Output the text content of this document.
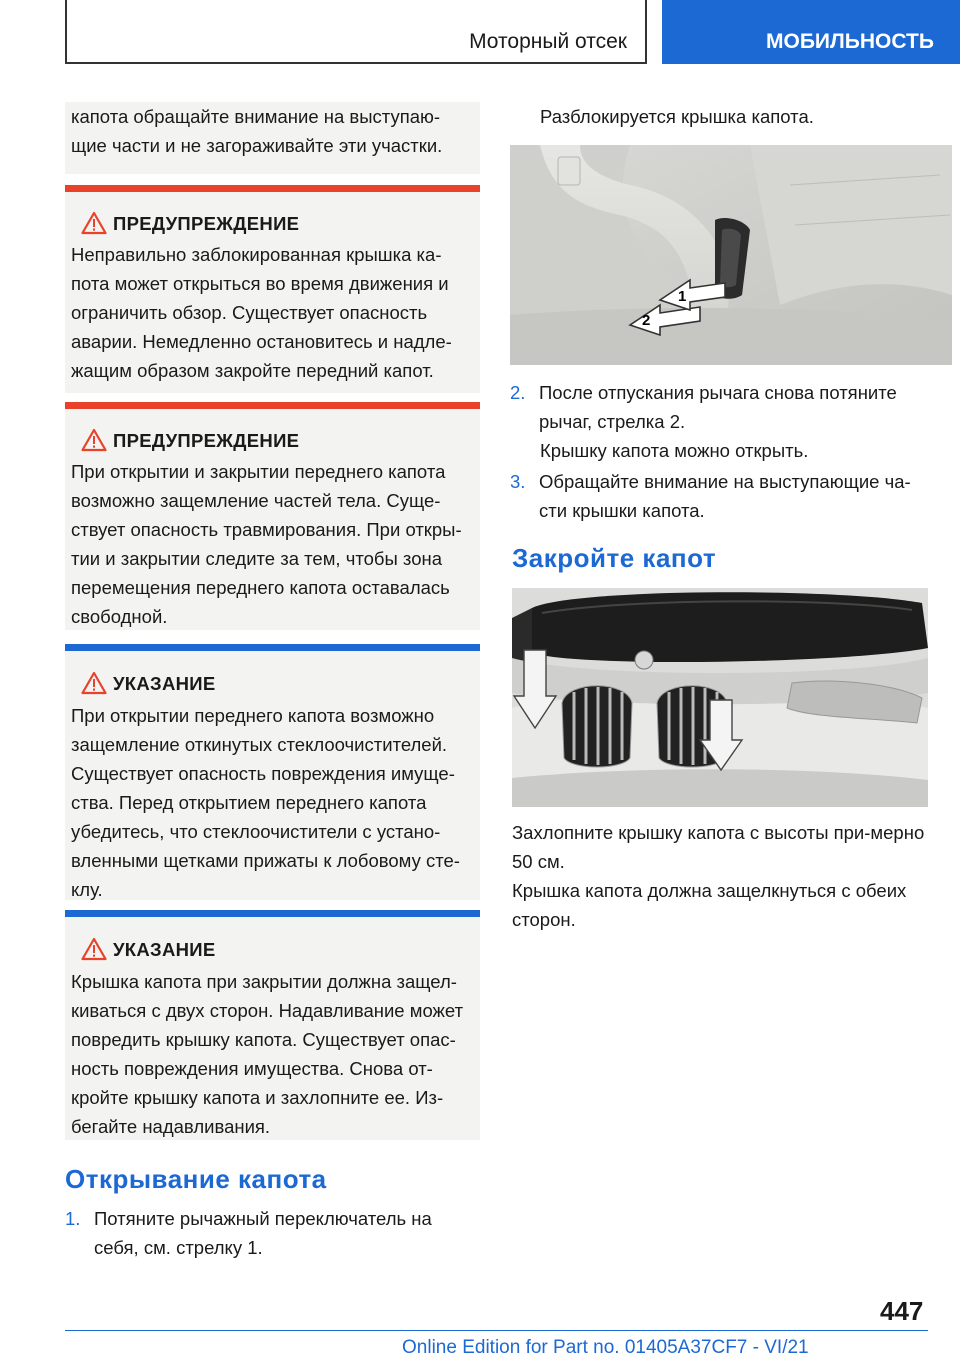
Моторный отсек	МОБИЛЬНОСТЬ
капота обращайте внимание на выступаю-щие части и не загораживайте эти участки.
ПРЕДУПРЕЖДЕНИЕ
Неправильно заблокированная крышка ка-пота может открыться во время движения и ограничить обзор. Существует опасность аварии. Немедленно остановитесь и надле-жащим образом закройте передний капот.
ПРЕДУПРЕЖДЕНИЕ
При открытии и закрытии переднего капота возможно защемление частей тела. Суще-ствует опасность травмирования. При откры-тии и закрытии следите за тем, чтобы зона перемещения переднего капота оставалась свободной.
УКАЗАНИЕ
При открытии переднего капота возможно защемление откинутых стеклоочистителей. Существует опасность повреждения имуще-ства. Перед открытием переднего капота убедитесь, что стеклоочистители с устано-вленными щетками прижаты к лобовому сте-клу.
УКАЗАНИЕ
Крышка капота при закрытии должна защел-киваться с двух сторон. Надавливание может повредить крышку капота. Существует опас-ность повреждения имущества. Снова от-кройте крышку капота и захлопните ее. Из-бегайте надавливания.
Открывание капота
1. Потяните рычажный переключатель на себя, см. стрелку 1.
Разблокируется крышка капота.
2
1
2. После отпускания рычага снова потяните рычаг, стрелка 2.
Крышку капота можно открыть.
3. Обращайте внимание на выступающие ча-сти крышки капота.
Закройте капот
Захлопните крышку капота с высоты при-мерно 50 см.
Крышка капота должна защелкнуться с обеих сторон.
447
Online Edition for Part no. 01405A37CF7 - VI/21
